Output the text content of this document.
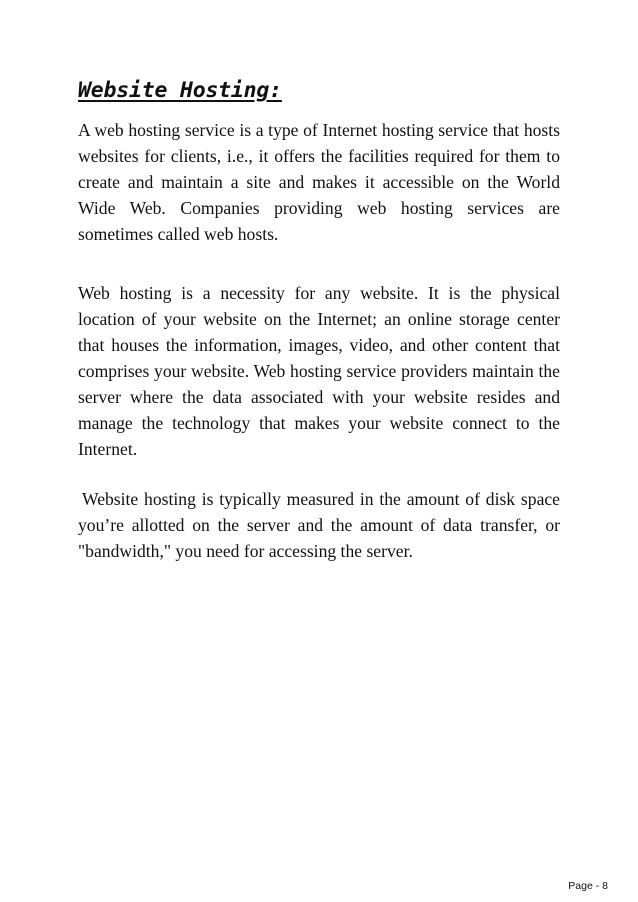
Website Hosting:

A web hosting service is a type of Internet hosting service that hosts websites for clients, i.e., it offers the facilities required for them to create and maintain a site and makes it accessible on the World Wide Web. Companies providing web hosting services are sometimes called web hosts.

Web hosting is a necessity for any website. It is the physical location of your website on the Internet; an online storage center that houses the information, images, video, and other content that comprises your website. Web hosting service providers maintain the server where the data associated with your website resides and manage the technology that makes your website connect to the Internet.

Website hosting is typically measured in the amount of disk space you’re allotted on the server and the amount of data transfer, or "bandwidth," you need for accessing the server.

Page - 8
